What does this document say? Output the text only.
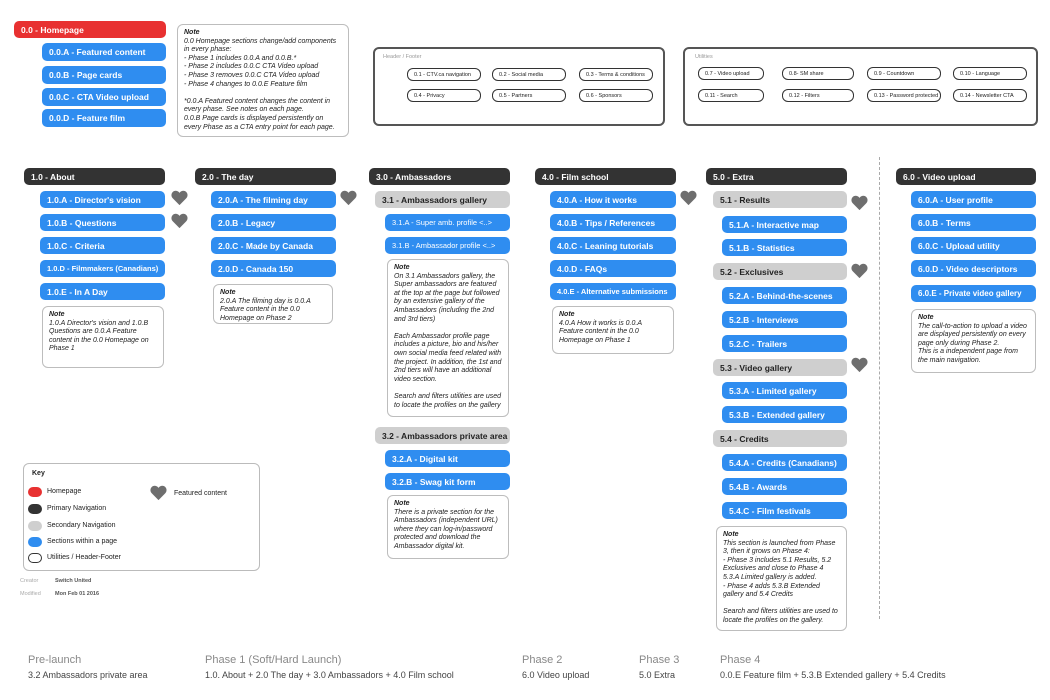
0.0 - Homepage
0.0.A - Featured content
0.0.B - Page cards
0.0.C - CTA Video upload
0.0.D - Feature film
Note
0.0 Homepage sections change/add components in every phase:
- Phase 1 includes 0.0.A and 0.0.B.*
- Phase 2 includes 0.0.C CTA Video upload
- Phase 3 removes 0.0.C CTA Video upload
- Phase 4 changes to 0.0.E Feature film

*0.0.A Featured content changes the content in every phase. See notes on each page.
0.0.B Page cards is displayed persistently on every Phase as a CTA entry point for each page.
Header / Footer
0.1 - CTV.ca navigation	0.2 - Social media	0.3 - Terms & conditions
0.4 - Privacy	0.5 - Partners	0.6 - Sponsors
Utilities
0.7 - Video upload	0.8- SM share	0.9 - Countdown	0.10 - Language
0.11 - Search	0.12 - Filters	0.13 - Password protected	0.14 - Newsletter CTA
1.0 - About
1.0.A - Director's vision
1.0.B - Questions
1.0.C - Criteria
1.0.D - Filmmakers (Canadians)
1.0.E - In A Day
Note
1.0.A Director's vision and 1.0.B Questions are 0.0.A Feature content in the 0.0 Homepage on Phase 1
2.0 - The day
2.0.A - The filming day
2.0.B - Legacy
2.0.C - Made by Canada
2.0.D - Canada 150
Note
2.0.A The filming day is 0.0.A Feature content in the 0.0 Homepage on Phase 2
3.0 - Ambassadors
3.1 - Ambassadors gallery
3.1.A - Super amb. profile <..>
3.1.B - Ambassador profile <..>
Note
On 3.1 Ambassadors gallery, the Super ambassadors are featured at the top at the page but followed by an extensive gallery of the Ambassadors (including the 2nd and 3rd tiers)

Each Ambassador profile page includes a picture, bio and his/her own social media feed related with the project. In addition, the 1st and 2nd tiers will have an additional video section.

Search and filters utilities are used to locate the profiles on the gallery
3.2 - Ambassadors private area
3.2.A - Digital kit
3.2.B - Swag kit form
Note
There is a private section for the Ambassadors (independent URL) where they can log-in/password protected and download the Ambassador digital kit.
4.0 - Film school
4.0.A - How it works
4.0.B - Tips / References
4.0.C - Leaning tutorials
4.0.D - FAQs
4.0.E - Alternative submissions
Note
4.0.A How it works is 0.0.A Feature content in the 0.0 Homepage on Phase 1
5.0 - Extra
5.1 - Results
5.1.A - Interactive map
5.1.B - Statistics
5.2 - Exclusives
5.2.A - Behind-the-scenes
5.2.B - Interviews
5.2.C - Trailers
5.3 - Video gallery
5.3.A - Limited gallery
5.3.B - Extended gallery
5.4 - Credits
5.4.A - Credits (Canadians)
5.4.B - Awards
5.4.C - Film festivals
Note
This section is launched from Phase 3, then it grows on Phase 4:
- Phase 3 includes 5.1 Results, 5.2 Exclusives and close to Phase 4 5.3.A Limited gallery is added.
- Phase 4 adds 5.3.B Extended gallery and 5.4 Credits

Search and filters utilities are used to locate the profiles on the gallery.
6.0 - Video upload
6.0.A - User profile
6.0.B - Terms
6.0.C - Upload utility
6.0.D - Video descriptors
6.0.E - Private video gallery
Note
The call-to-action to upload a video are displayed persistently on every page only during Phase 2.
This is a independent page from the main navigation.
Key
Homepage
Primary Navigation
Secondary Navigation
Sections within a page
Utilities / Header-Footer
Featured content
Creator	Switch United
Modified	Mon Feb 01 2016
Pre-launch
3.2 Ambassadors private area
Phase 1 (Soft/Hard Launch)
1.0. About + 2.0 The day + 3.0 Ambassadors + 4.0 Film school
Phase 2
6.0 Video upload
Phase 3
5.0 Extra
Phase 4
0.0.E Feature film + 5.3.B Extended gallery + 5.4 Credits
